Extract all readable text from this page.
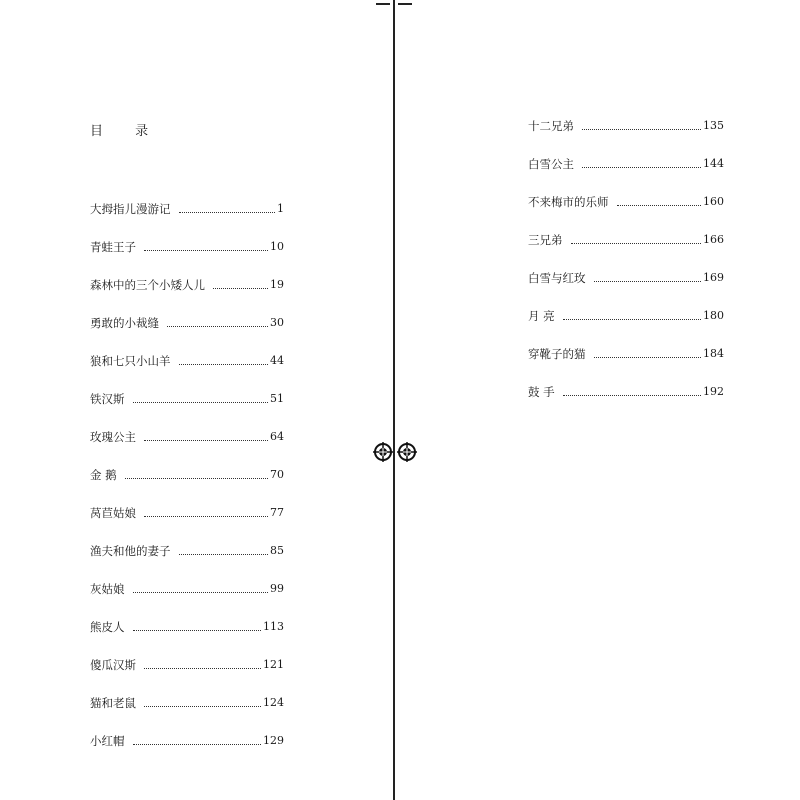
目 录
大拇指儿漫游记	1
青蛙王子	10
森林中的三个小矮人儿	19
勇敢的小裁缝	30
狼和七只小山羊	44
铁汉斯	51
玫瑰公主	64
金 鹅	70
莴苣姑娘	77
渔夫和他的妻子	85
灰姑娘	99
熊皮人	113
傻瓜汉斯	121
猫和老鼠	124
小红帽	129
十二兄弟	135
白雪公主	144
不来梅市的乐师	160
三兄弟	166
白雪与红玫	169
月 亮	180
穿靴子的猫	184
鼓 手	192
